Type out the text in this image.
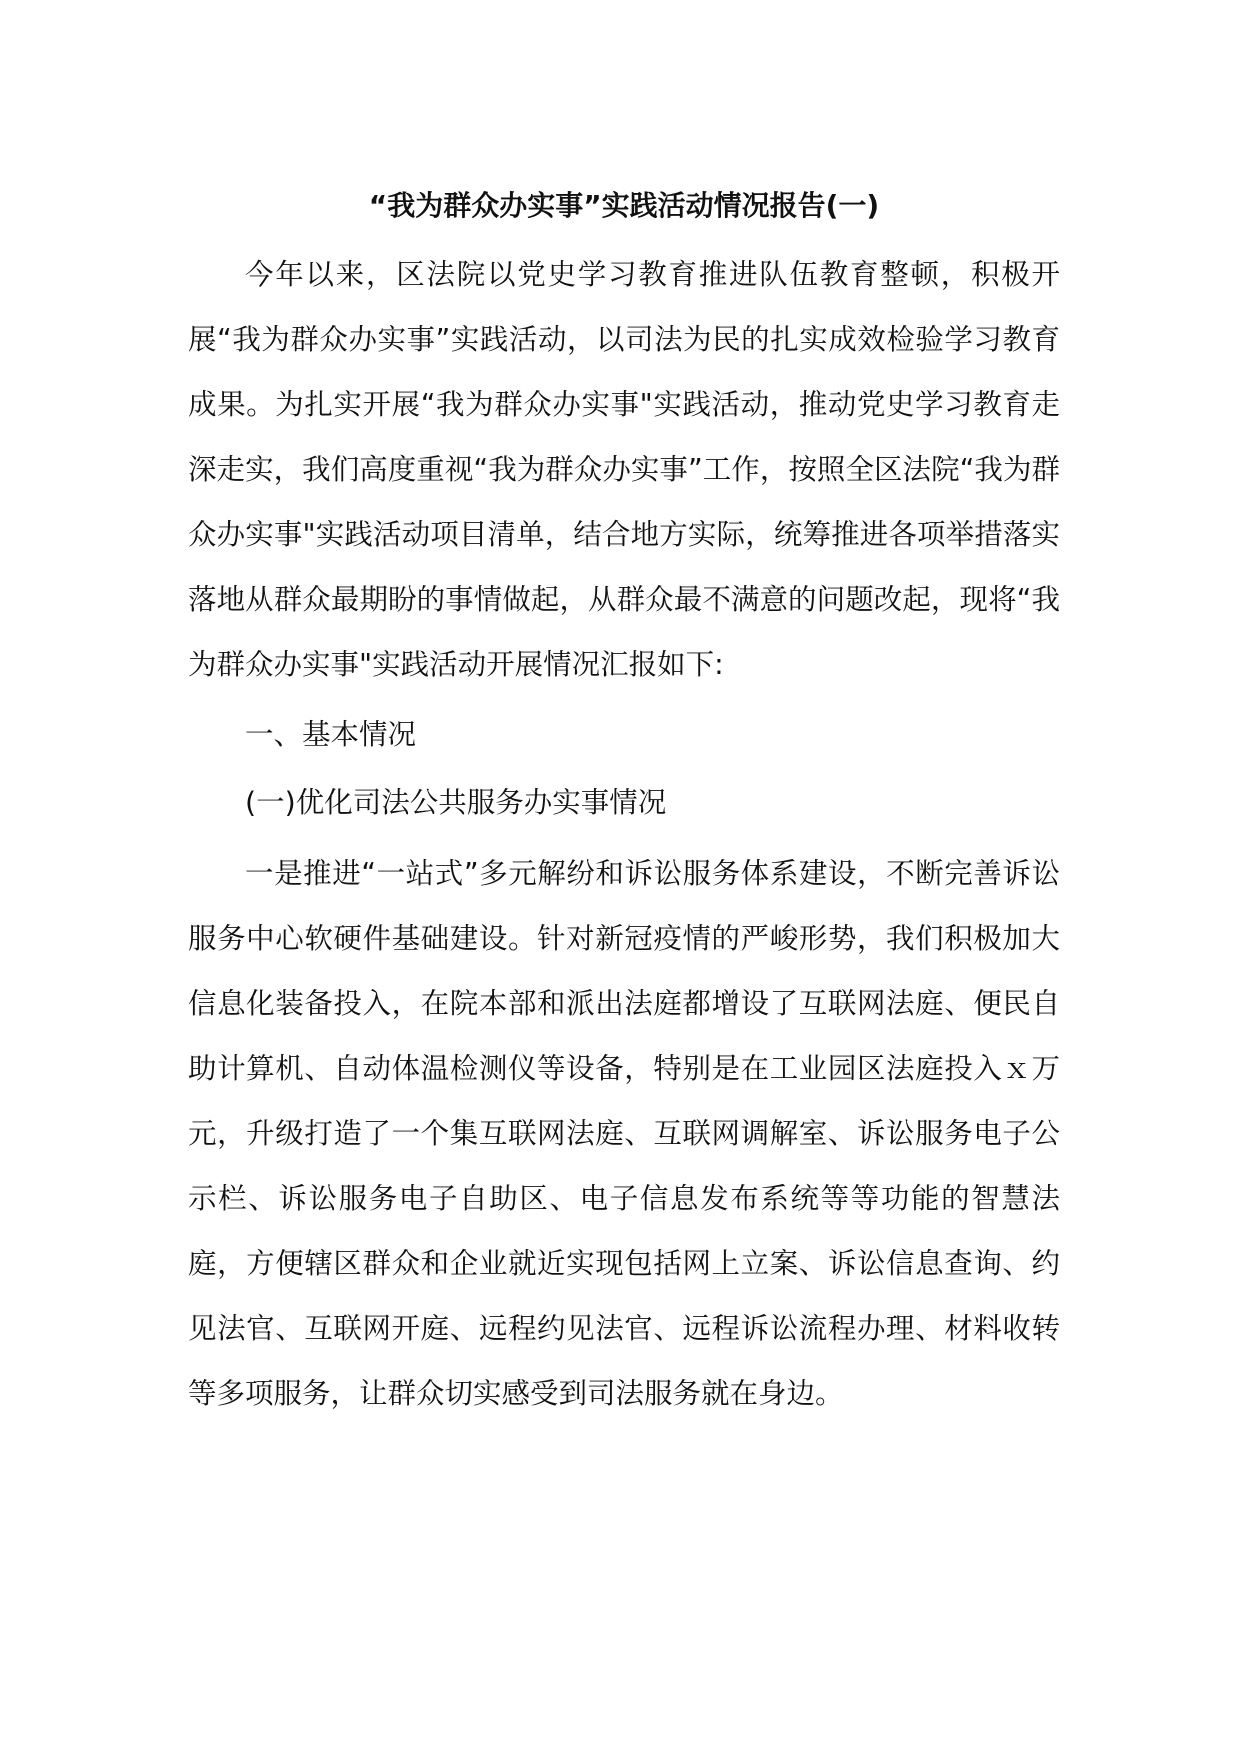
“我为群众办实事”实践活动情况报告(一)

今年以来，区法院以党史学习教育推进队伍教育整顿，积极开展“我为群众办实事”实践活动，以司法为民的扎实成效检验学习教育成果。为扎实开展“我为群众办实事"实践活动，推动党史学习教育走深走实，我们高度重视“我为群众办实事”工作，按照全区法院“我为群众办实事"实践活动项目清单，结合地方实际，统筹推进各项举措落实落地从群众最期盼的事情做起，从群众最不满意的问题改起，现将“我为群众办实事"实践活动开展情况汇报如下:

一、基本情况

(一)优化司法公共服务办实事情况

一是推进“一站式”多元解纷和诉讼服务体系建设，不断完善诉讼服务中心软硬件基础建设。针对新冠疫情的严峻形势，我们积极加大信息化装备投入，在院本部和派出法庭都增设了互联网法庭、便民自助计算机、自动体温检测仪等设备，特别是在工业园区法庭投入ｘ万元，升级打造了一个集互联网法庭、互联网调解室、诉讼服务电子公示栏、诉讼服务电子自助区、电子信息发布系统等等功能的智慧法庭，方便辖区群众和企业就近实现包括网上立案、诉讼信息查询、约见法官、互联网开庭、远程约见法官、远程诉讼流程办理、材料收转等多项服务，让群众切实感受到司法服务就在身边。
